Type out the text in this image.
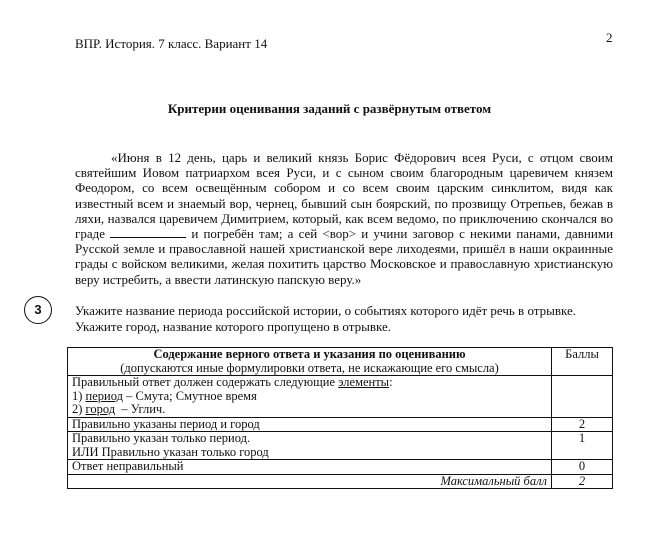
ВПР. История. 7 класс. Вариант 14	2
Критерии оценивания заданий с развёрнутым ответом
«Июня в 12 день, царь и великий князь Борис Фёдорович всея Руси, с отцом своим святейшим Иовом патриархом всея Руси, и с сыном своим благородным царевичем князем Феодором, со всем освещённым собором и со всем своим царским синклитом, видя как известный всем и знаемый вор, чернец, бывший сын боярский, по прозвищу Отрепьев, бежав в ляхи, назвался царевичем Димитрием, который, как всем ведомо, по приключению скончался во граде	и погребён там; а сей <вор> и учини заговор с некими панами, давними Русской земле и православной нашей христианской вере лиходеями, пришёл в наши окраинные грады с войском великими, желая похитить царство Московское и православную христианскую веру истребить, а ввести латинскую папскую веру.»
3	Укажите название периода российской истории, о событиях которого идёт речь в отрывке.
Укажите город, название которого пропущено в отрывке.
Содержание верного ответа и указания по оцениванию
(допускаются иные формулировки ответа, не искажающие его смысла)	Баллы

Правильный ответ должен содержать следующие элементы:
1) период – Смута; Смутное время
2) город  – Углич.	

Правильно указаны период и город	2

Правильно указан только период.
ИЛИ Правильно указан только город	1
Ответ неправильный	0
Максимальный балл	2
